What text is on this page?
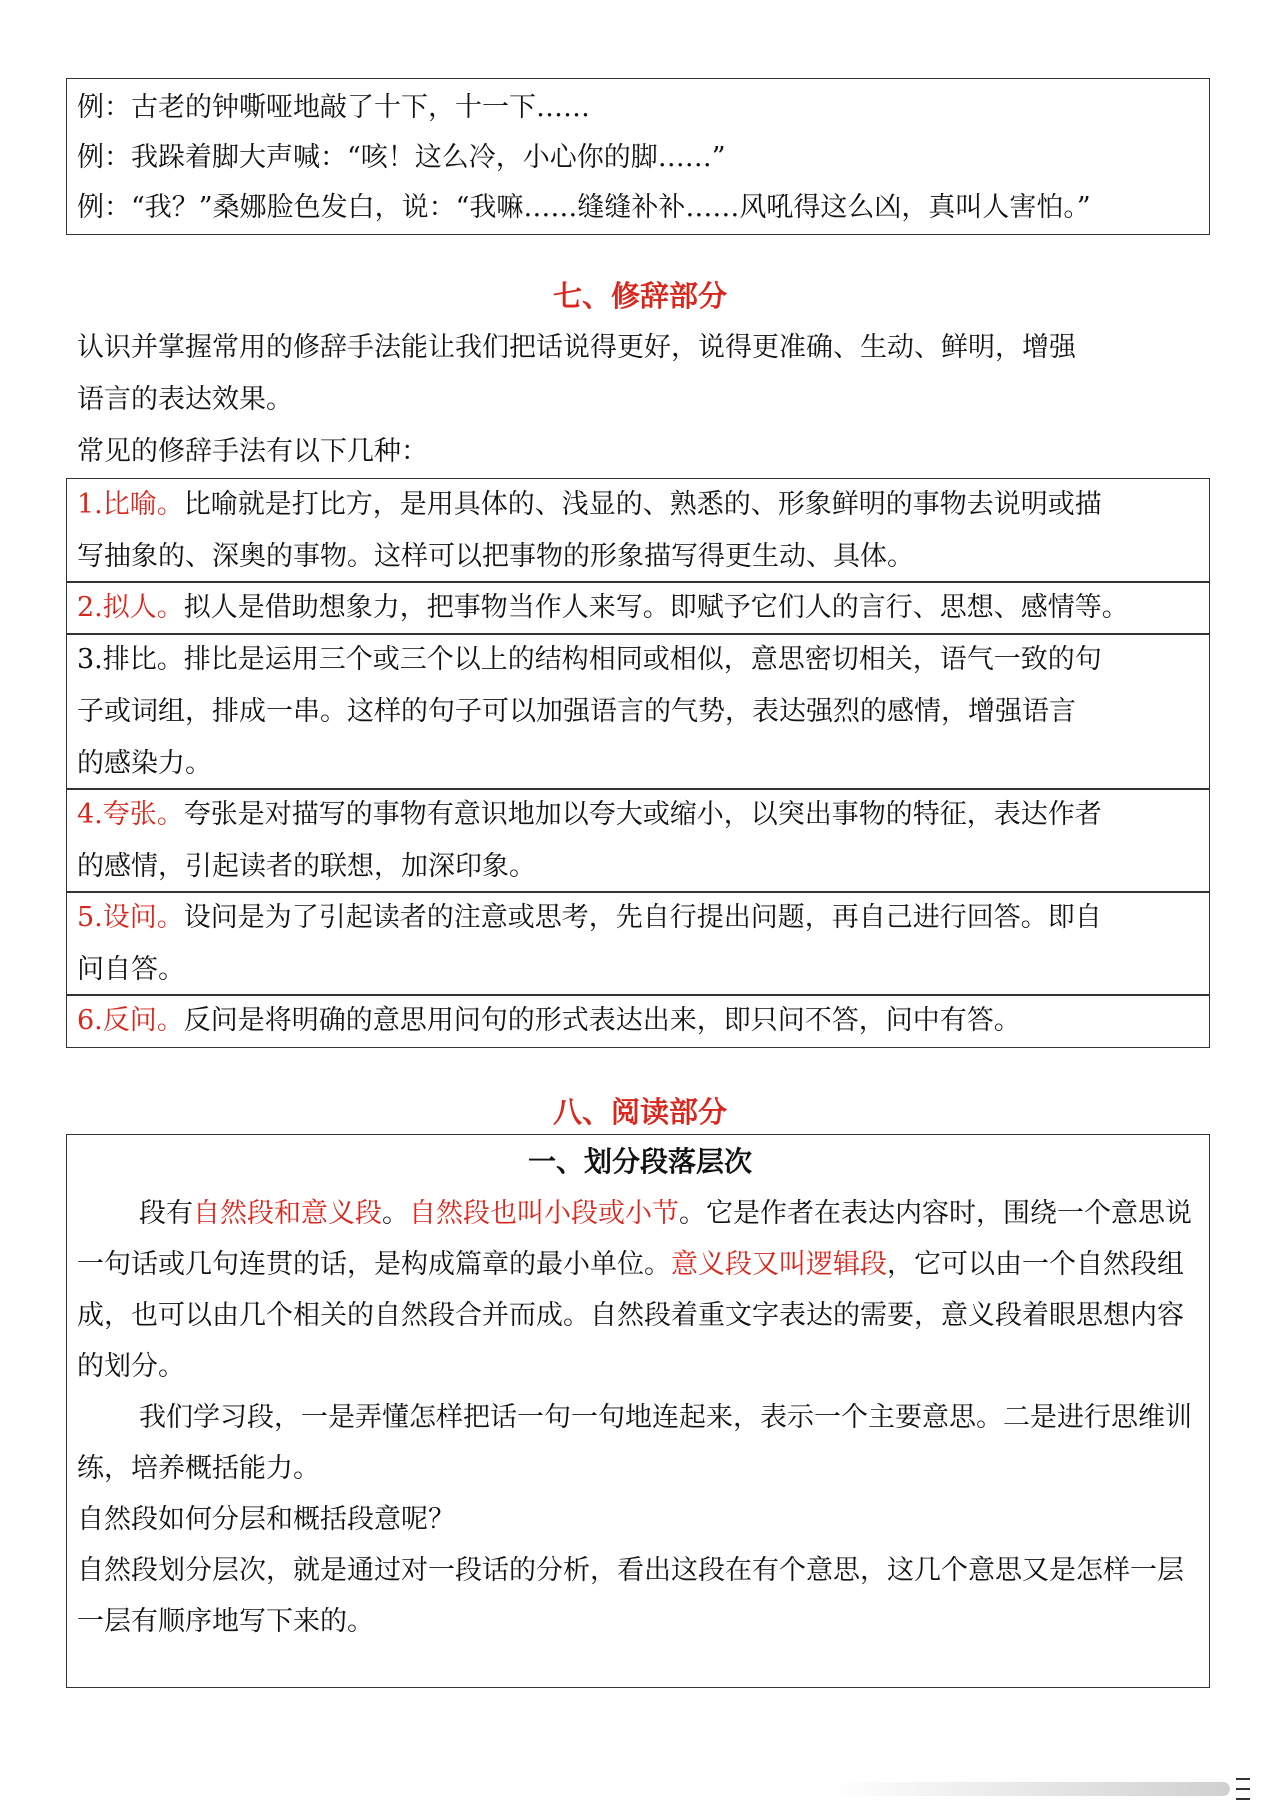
例：古老的钟嘶哑地敲了十下，十一下……
例：我跺着脚大声喊：“咳！这么冷，小心你的脚……”
例：“我？”桑娜脸色发白，说：“我嘛……缝缝补补……风吼得这么凶，真叫人害怕。”
七、修辞部分
认识并掌握常用的修辞手法能让我们把话说得更好，说得更准确、生动、鲜明，增强
语言的表达效果。
常见的修辞手法有以下几种：
1.比喻。比喻就是打比方，是用具体的、浅显的、熟悉的、形象鲜明的事物去说明或描
写抽象的、深奥的事物。这样可以把事物的形象描写得更生动、具体。
2.拟人。拟人是借助想象力，把事物当作人来写。即赋予它们人的言行、思想、感情等。
3.排比。排比是运用三个或三个以上的结构相同或相似，意思密切相关，语气一致的句
子或词组，排成一串。这样的句子可以加强语言的气势，表达强烈的感情，增强语言
的感染力。
4.夸张。夸张是对描写的事物有意识地加以夸大或缩小，以突出事物的特征，表达作者
的感情，引起读者的联想，加深印象。
5.设问。设问是为了引起读者的注意或思考，先自行提出问题，再自己进行回答。即自
问自答。
6.反问。反问是将明确的意思用问句的形式表达出来，即只问不答，问中有答。
八、阅读部分
一、划分段落层次
段有自然段和意义段。自然段也叫小段或小节。它是作者在表达内容时，围绕一个意思说一句话或几句连贯的话，是构成篇章的最小单位。意义段又叫逻辑段，它可以由一个自然段组成，也可以由几个相关的自然段合并而成。自然段着重文字表达的需要，意义段着眼思想内容的划分。
我们学习段，一是弄懂怎样把话一句一句地连起来，表示一个主要意思。二是进行思维训练，培养概括能力。
自然段如何分层和概括段意呢？
自然段划分层次，就是通过对一段话的分析，看出这段在有个意思，这几个意思又是怎样一层一层有顺序地写下来的。
